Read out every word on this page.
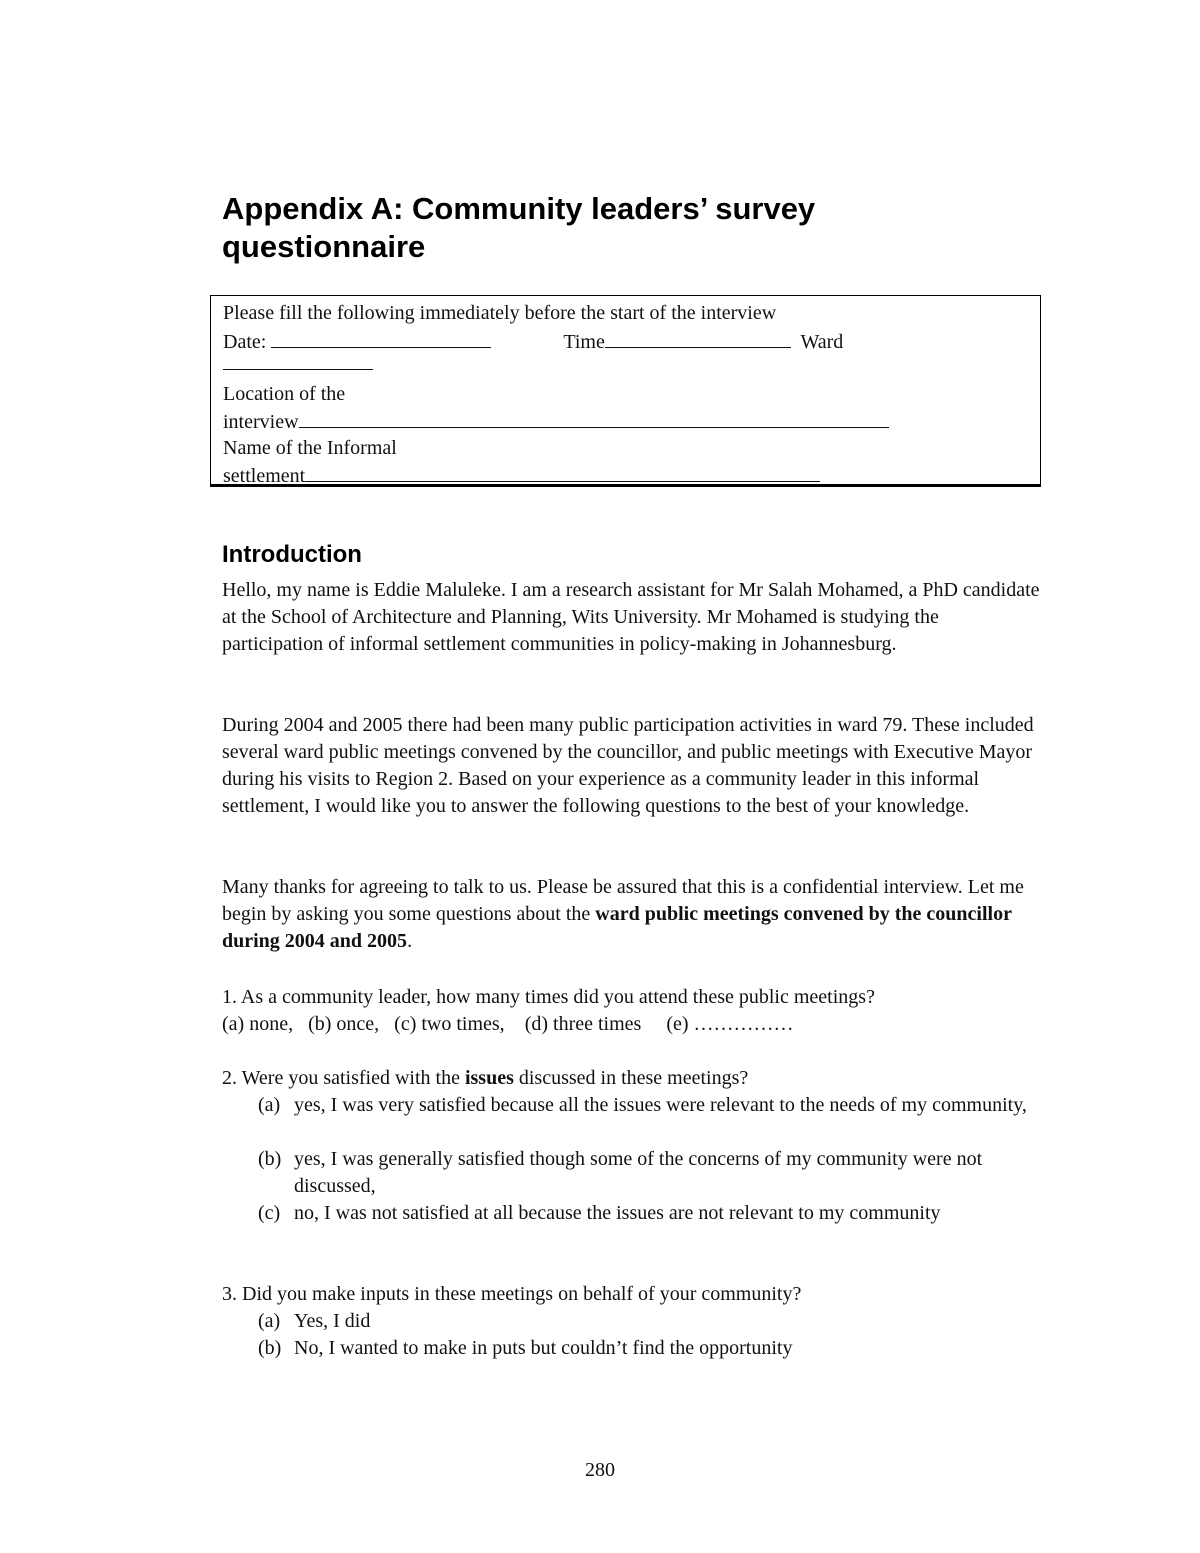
Appendix A: Community leaders’ survey questionnaire
Please fill the following immediately before the start of the interview
Date:	Time	Ward
Location of the
interview
Name of the Informal
settlement
Introduction

Hello, my name is Eddie Maluleke. I am a research assistant for Mr Salah Mohamed, a PhD candidate at the School of Architecture and Planning, Wits University. Mr Mohamed is studying the participation of informal settlement communities in policy-making in Johannesburg.

During 2004 and 2005 there had been many public participation activities in ward 79. These included several ward public meetings convened by the councillor, and public meetings with Executive Mayor during his visits to Region 2. Based on your experience as a community leader in this informal settlement, I would like you to answer the following questions to the best of your knowledge.

Many thanks for agreeing to talk to us. Please be assured that this is a confidential interview. Let me begin by asking you some questions about the ward public meetings convened by the councillor during 2004 and 2005.

1. As a community leader, how many times did you attend these public meetings?
(a) none, (b) once, (c) two times, (d) three times (e) ……………
2. Were you satisfied with the issues discussed in these meetings?
(a) yes, I was very satisfied because all the issues were relevant to the needs of my community,
(b) yes, I was generally satisfied though some of the concerns of my community were not discussed,
(c) no, I was not satisfied at all because the issues are not relevant to my community
3. Did you make inputs in these meetings on behalf of your community?
(a) Yes, I did
(b) No, I wanted to make in puts but couldn’t find the opportunity
280
